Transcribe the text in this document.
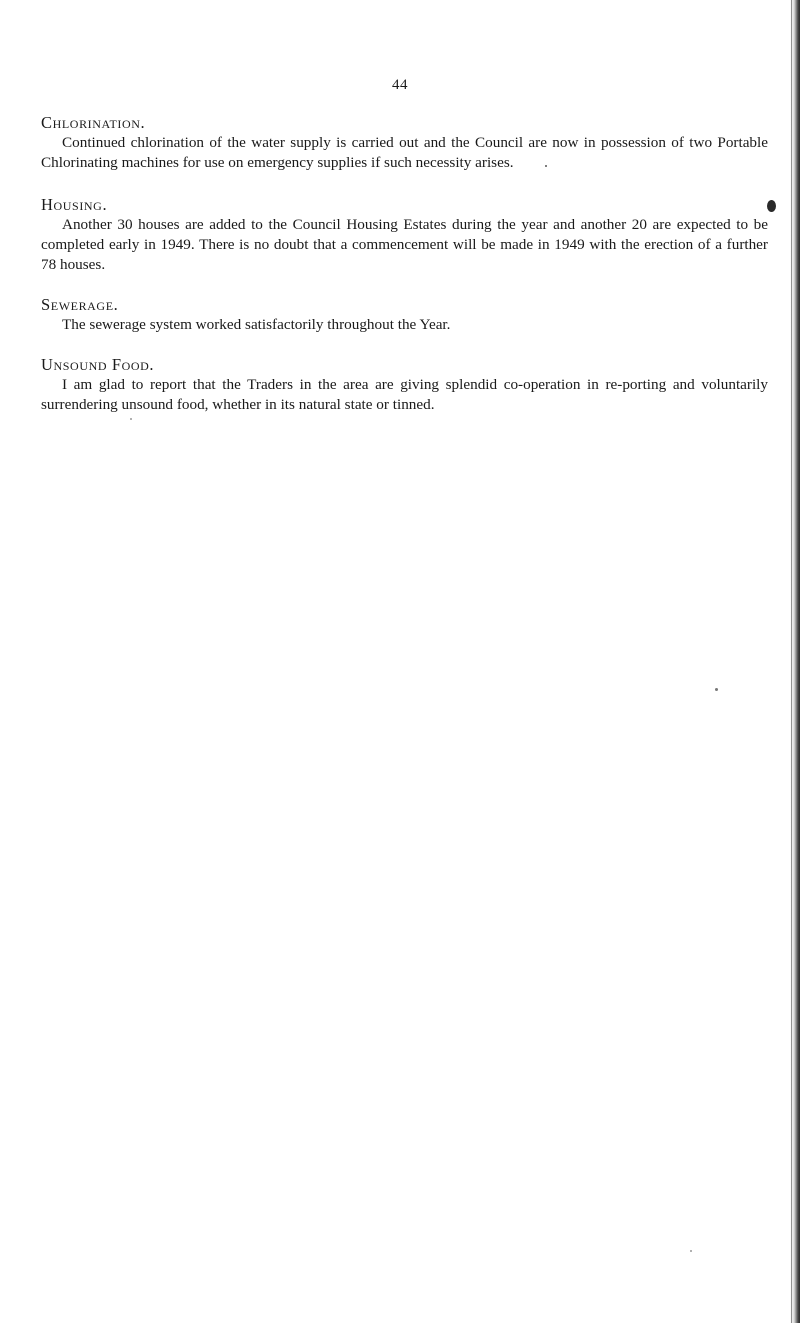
44

Chlorination.

Continued chlorination of the water supply is carried out and the Council are now in possession of two Portable Chlorinating machines for use on emergency supplies if such necessity arises.

Housing.

Another 30 houses are added to the Council Housing Estates during the year and another 20 are expected to be completed early in 1949. There is no doubt that a commencement will be made in 1949 with the erection of a further 78 houses.

Sewerage.

The sewerage system worked satisfactorily throughout the Year.

Unsound Food.

I am glad to report that the Traders in the area are giving splendid co-operation in re-porting and voluntarily surrendering unsound food, whether in its natural state or tinned.
